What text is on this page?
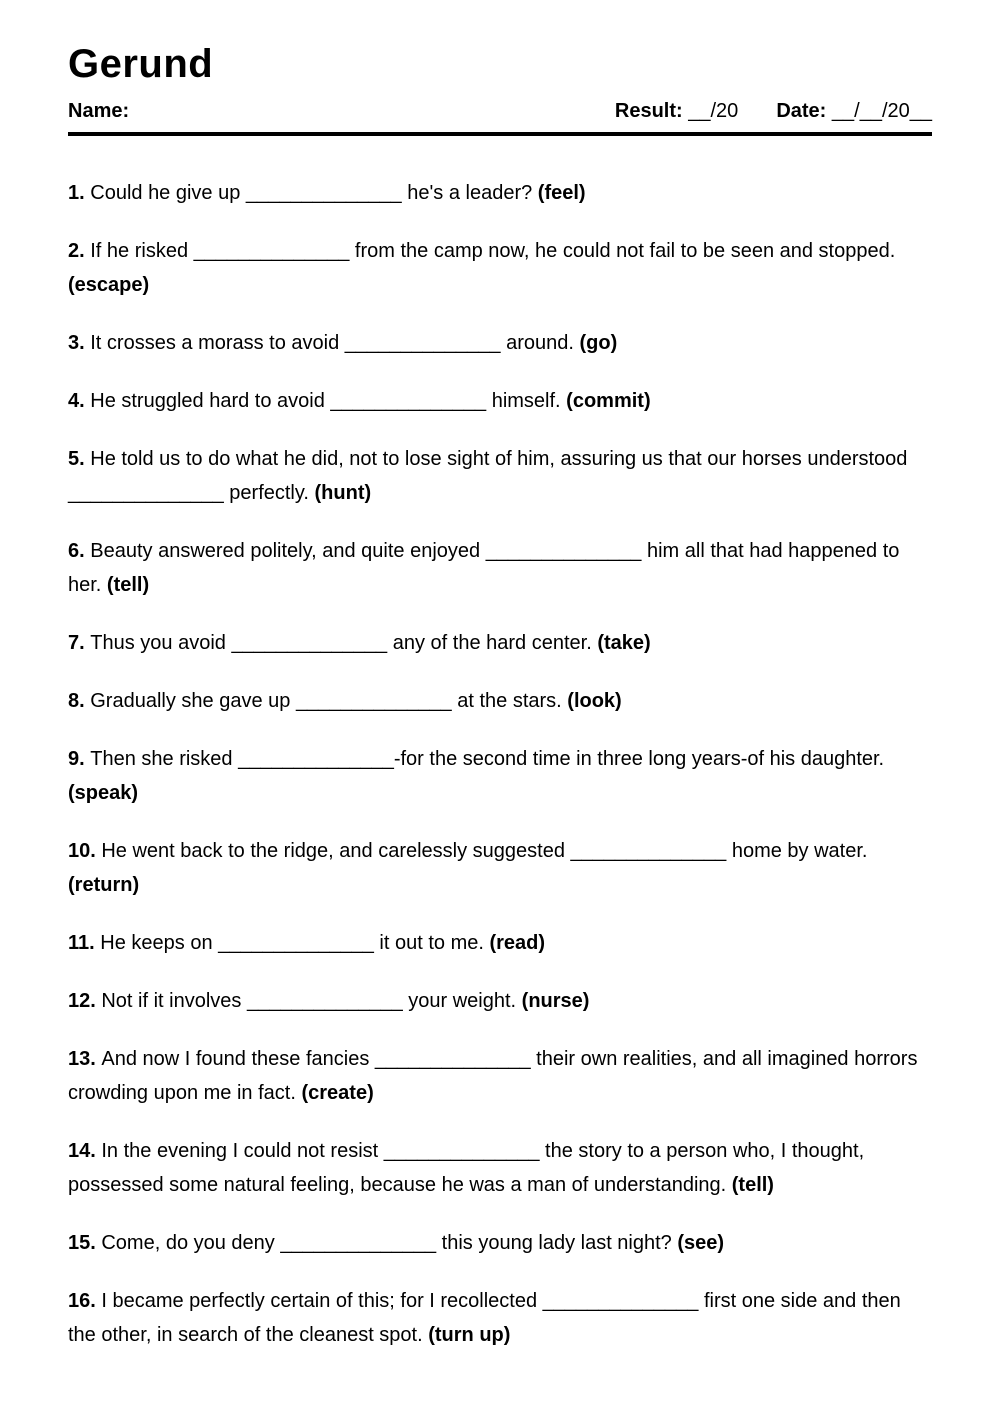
Gerund
Name:	Result: __/20 Date: __/__/20__

1. Could he give up ______________ he's a leader? (feel)

2. If he risked ______________ from the camp now, he could not fail to be seen and stopped. (escape)

3. It crosses a morass to avoid ______________ around. (go)

4. He struggled hard to avoid ______________ himself. (commit)

5. He told us to do what he did, not to lose sight of him, assuring us that our horses understood ______________ perfectly. (hunt)

6. Beauty answered politely, and quite enjoyed ______________ him all that had happened to her. (tell)

7. Thus you avoid ______________ any of the hard center. (take)

8. Gradually she gave up ______________ at the stars. (look)

9. Then she risked ______________-for the second time in three long years-of his daughter. (speak)

10. He went back to the ridge, and carelessly suggested ______________ home by water. (return)

11. He keeps on ______________ it out to me. (read)

12. Not if it involves ______________ your weight. (nurse)

13. And now I found these fancies ______________ their own realities, and all imagined horrors crowding upon me in fact. (create)

14. In the evening I could not resist ______________ the story to a person who, I thought, possessed some natural feeling, because he was a man of understanding. (tell)

15. Come, do you deny ______________ this young lady last night? (see)

16. I became perfectly certain of this; for I recollected ______________ first one side and then the other, in search of the cleanest spot. (turn up)
